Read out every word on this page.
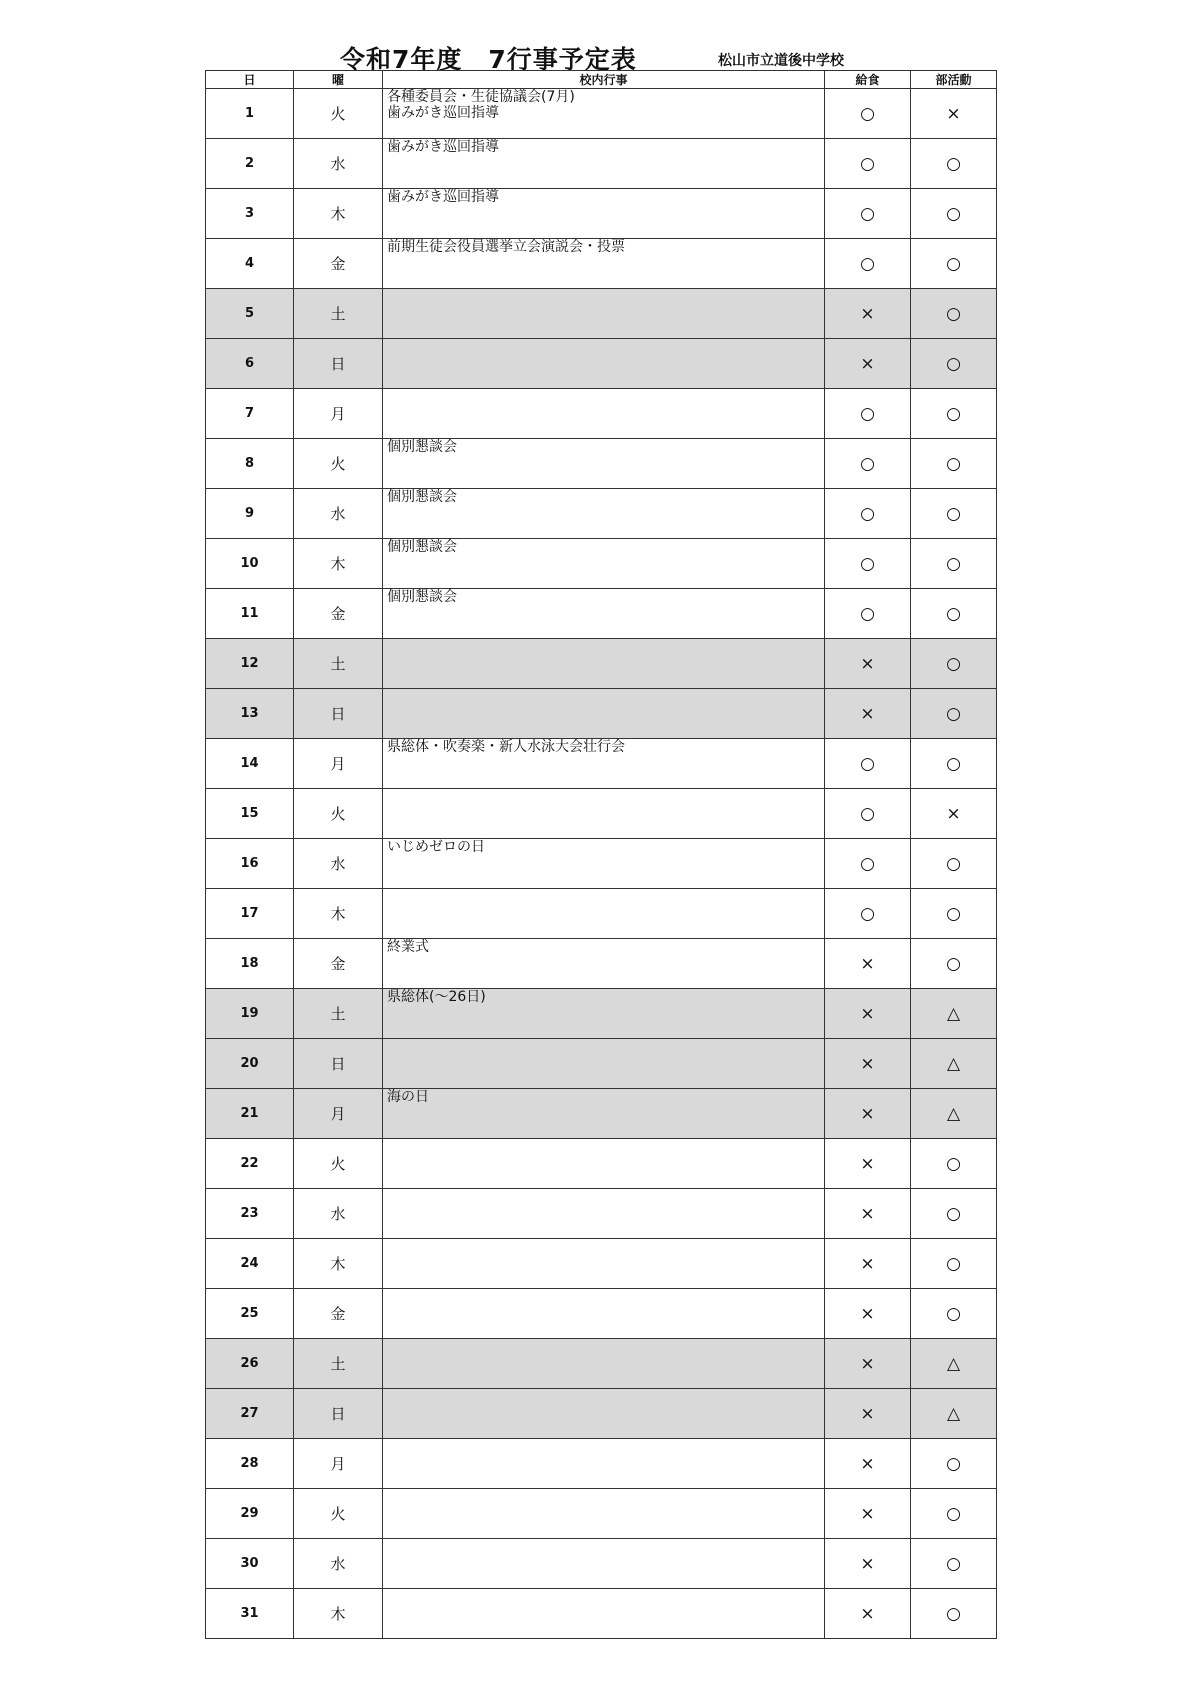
令和7年度　7行事予定表	松山市立道後中学校
日	曜	校内行事	給食	部活動
1	火	各種委員会・生徒協議会(7月)
歯みがき巡回指導	○	×
2	水	歯みがき巡回指導	○	○
3	木	歯みがき巡回指導	○	○
4	金	前期生徒会役員選挙立会演説会・投票	○	○
5	土		×	○
6	日		×	○
7	月		○	○
8	火	個別懇談会	○	○
9	水	個別懇談会	○	○
10	木	個別懇談会	○	○
11	金	個別懇談会	○	○
12	土		×	○
13	日		×	○
14	月	県総体・吹奏楽・新人水泳大会壮行会	○	○
15	火		○	×
16	水	いじめゼロの日	○	○
17	木		○	○
18	金	終業式	×	○
19	土	県総体(～26日)	×	△
20	日		×	△
21	月	海の日	×	△
22	火		×	○
23	水		×	○
24	木		×	○
25	金		×	○
26	土		×	△
27	日		×	△
28	月		×	○
29	火		×	○
30	水		×	○
31	木		×	○
